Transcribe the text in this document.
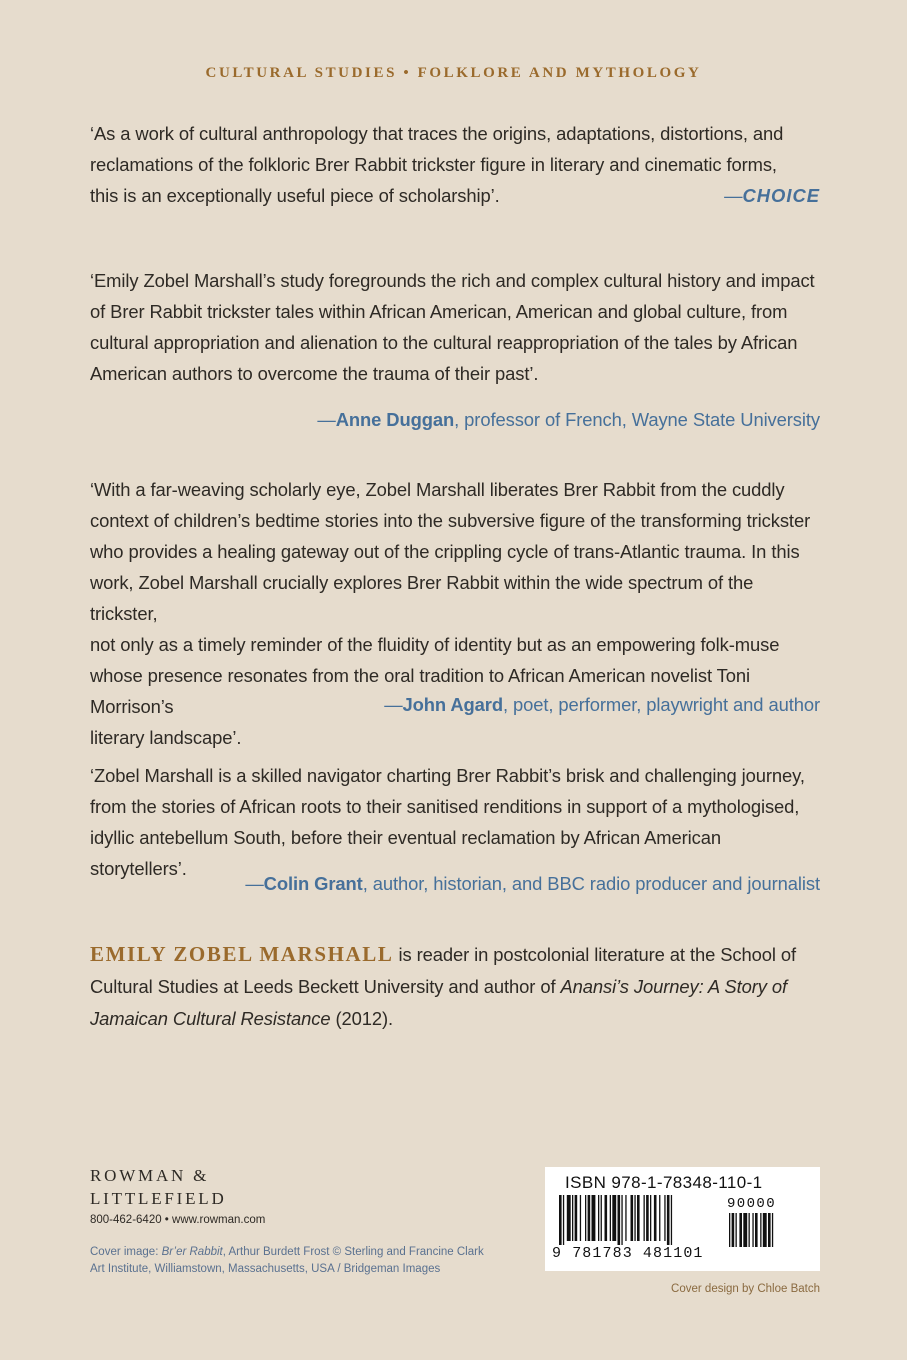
CULTURAL STUDIES • FOLKLORE AND MYTHOLOGY
‘As a work of cultural anthropology that traces the origins, adaptations, distortions, and
reclamations of the folkloric Brer Rabbit trickster figure in literary and cinematic forms,
this is an exceptionally useful piece of scholarship’.	—CHOICE
‘Emily Zobel Marshall’s study foregrounds the rich and complex cultural history and impact
of Brer Rabbit trickster tales within African American, American and global culture, from
cultural appropriation and alienation to the cultural reappropriation of the tales by African
American authors to overcome the trauma of their past’.
—Anne Duggan, professor of French, Wayne State University
‘With a far-weaving scholarly eye, Zobel Marshall liberates Brer Rabbit from the cuddly
context of children’s bedtime stories into the subversive figure of the transforming trickster
who provides a healing gateway out of the crippling cycle of trans-Atlantic trauma. In this
work, Zobel Marshall crucially explores Brer Rabbit within the wide spectrum of the trickster,
not only as a timely reminder of the fluidity of identity but as an empowering folk-muse
whose presence resonates from the oral tradition to African American novelist Toni Morrison’s
literary landscape’.
—John Agard, poet, performer, playwright and author
‘Zobel Marshall is a skilled navigator charting Brer Rabbit’s brisk and challenging journey,
from the stories of African roots to their sanitised renditions in support of a mythologised,
idyllic antebellum South, before their eventual reclamation by African American storytellers’.
—Colin Grant, author, historian, and BBC radio producer and journalist
EMILY ZOBEL MARSHALL is reader in postcolonial literature at the School of Cultural Studies at Leeds Beckett University and author of Anansi’s Journey: A Story of Jamaican Cultural Resistance (2012).
ROWMAN &
LITTLEFIELD
800-462-6420 • www.rowman.com
Cover image: Br’er Rabbit, Arthur Burdett Frost © Sterling and Francine Clark Art Institute, Williamstown, Massachusetts, USA / Bridgeman Images
ISBN 978-1-78348-110-1
9 781783 481101
90000
Cover design by Chloe Batch
